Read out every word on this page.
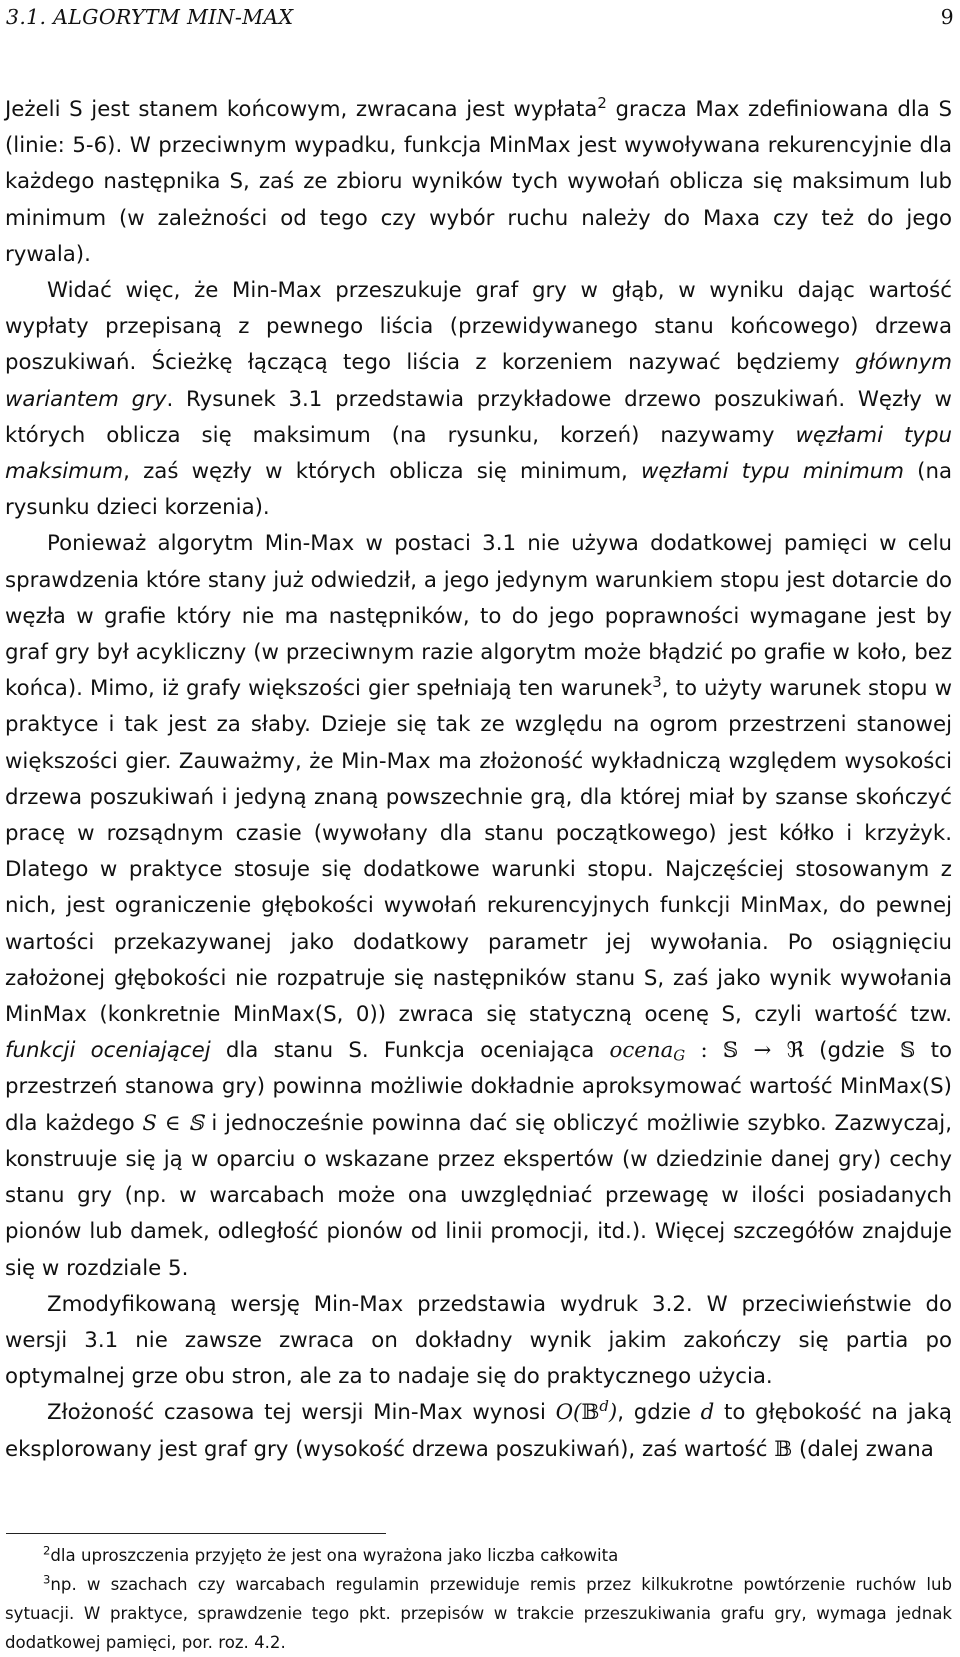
3.1. ALGORYTM MIN-MAX	9

Jeżeli S jest stanem końcowym, zwracana jest wypłata$^2$ gracza Max zdefiniowana dla S (linie: 5-6). W przeciwnym wypadku, funkcja MinMax jest wywoływana rekurencyjnie dla każdego następnika S, zaś ze zbioru wyników tych wywołań oblicza się maksimum lub minimum (w zależności od tego czy wybór ruchu należy do Maxa czy też do jego rywala).

Widać więc, że Min-Max przeszukuje graf gry w głąb, w wyniku dając wartość wypłaty przepisaną z pewnego liścia (przewidywanego stanu końcowego) drzewa poszukiwań. Ścieżkę łączącą tego liścia z korzeniem nazywać będziemy głównym wariantem gry. Rysunek 3.1 przedstawia przykładowe drzewo poszukiwań. Węzły w których oblicza się maksimum (na rysunku, korzeń) nazywamy węzłami typu maksimum, zaś węzły w których oblicza się minimum, węzłami typu minimum (na rysunku dzieci korzenia).

Ponieważ algorytm Min-Max w postaci 3.1 nie używa dodatkowej pamięci w celu sprawdzenia które stany już odwiedził, a jego jedynym warunkiem stopu jest dotarcie do węzła w grafie który nie ma następników, to do jego poprawności wymagane jest by graf gry był acykliczny (w przeciwnym razie algorytm może błądzić po grafie w koło, bez końca). Mimo, iż grafy większości gier spełniają ten warunek$^3$, to użyty warunek stopu w praktyce i tak jest za słaby. Dzieje się tak ze względu na ogrom przestrzeni stanowej większości gier. Zauważmy, że Min-Max ma złożoność wykładniczą względem wysokości drzewa poszukiwań i jedyną znaną powszechnie grą, dla której miał by szanse skończyć pracę w rozsądnym czasie (wywołany dla stanu początkowego) jest kółko i krzyżyk. Dlatego w praktyce stosuje się dodatkowe warunki stopu. Najczęściej stosowanym z nich, jest ograniczenie głębokości wywołań rekurencyjnych funkcji MinMax, do pewnej wartości przekazywanej jako dodatkowy parametr jej wywołania. Po osiągnięciu założonej głębokości nie rozpatruje się następników stanu S, zaś jako wynik wywołania MinMax (konkretnie MinMax(S, 0)) zwraca się statyczną ocenę S, czyli wartość tzw. funkcji oceniającej dla stanu S. Funkcja oceniająca ocena$_G$ : 𝕊 → ℜ (gdzie 𝕊 to przestrzeń stanowa gry) powinna możliwie dokładnie aproksymować wartość MinMax(S) dla każdego S ∈ 𝕊 i jednocześnie powinna dać się obliczyć możliwie szybko. Zazwyczaj, konstruuje się ją w oparciu o wskazane przez ekspertów (w dziedzinie danej gry) cechy stanu gry (np. w warcabach może ona uwzględniać przewagę w ilości posiadanych pionów lub damek, odległość pionów od linii promocji, itd.). Więcej szczegółów znajduje się w rozdziale 5.

Zmodyfikowaną wersję Min-Max przedstawia wydruk 3.2. W przeciwieństwie do wersji 3.1 nie zawsze zwraca on dokładny wynik jakim zakończy się partia po optymalnej grze obu stron, ale za to nadaje się do praktycznego użycia.

Złożoność czasowa tej wersji Min-Max wynosi O(𝔹$^d$), gdzie d to głębokość na jaką eksplorowany jest graf gry (wysokość drzewa poszukiwań), zaś wartość 𝔹 (dalej zwana

$^2$dla uproszczenia przyjęto że jest ona wyrażona jako liczba całkowita

$^3$np. w szachach czy warcabach regulamin przewiduje remis przez kilkukrotne powtórzenie ruchów lub sytuacji. W praktyce, sprawdzenie tego pkt. przepisów w trakcie przeszukiwania grafu gry, wymaga jednak dodatkowej pamięci, por. roz. 4.2.
